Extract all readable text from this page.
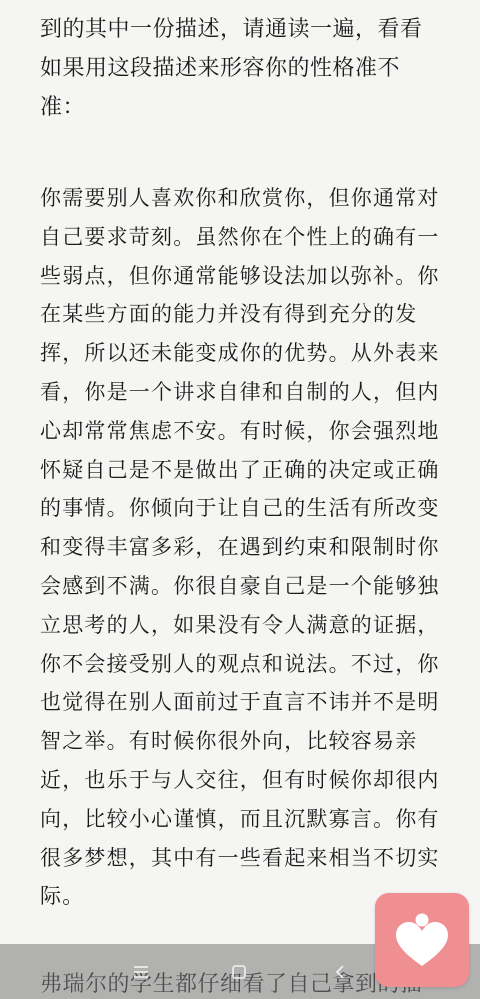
到的其中一份描述，请通读一遍，看看如果用这段描述来形容你的性格准不准：

你需要别人喜欢你和欣赏你，但你通常对自己要求苛刻。虽然你在个性上的确有一些弱点，但你通常能够设法加以弥补。你在某些方面的能力并没有得到充分的发挥，所以还未能变成你的优势。从外表来看，你是一个讲求自律和自制的人，但内心却常常焦虑不安。有时候，你会强烈地怀疑自己是不是做出了正确的决定或正确的事情。你倾向于让自己的生活有所改变和变得丰富多彩，在遇到约束和限制时你会感到不满。你很自豪自己是一个能够独立思考的人，如果没有令人满意的证据，你不会接受别人的观点和说法。不过，你也觉得在别人面前过于直言不讳并不是明智之举。有时候你很外向，比较容易亲近，也乐于与人交往，但有时候你却很内向，比较小心谨慎，而且沉默寡言。你有很多梦想，其中有一些看起来相当不切实际。
